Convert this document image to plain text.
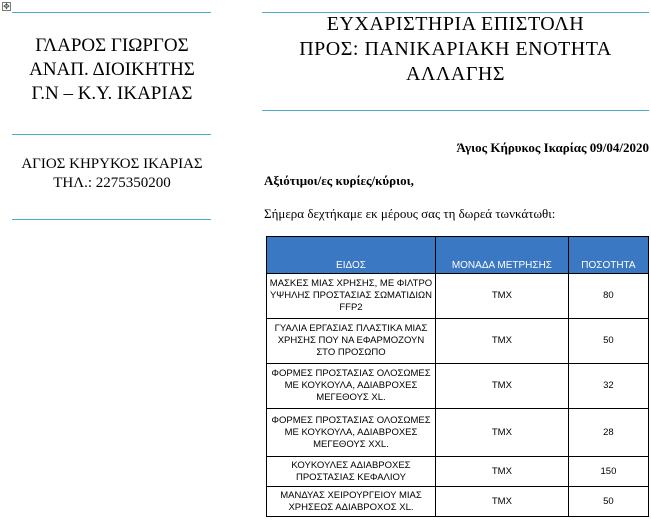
✥
ΓΛΑΡΟΣ ΓΙΩΡΓΟΣ
ΑΝΑΠ. ΔΙΟΙΚΗΤΗΣ
Γ.Ν – Κ.Υ. ΙΚΑΡΙΑΣ
ΑΓΙΟΣ ΚΗΡΥΚΟΣ ΙΚΑΡΙΑΣ
ΤΗΛ.: 2275350200
ΕΥΧΑΡΙΣΤΗΡΙΑ ΕΠΙΣΤΟΛΗ
ΠΡΟΣ: ΠΑΝΙΚΑΡΙΑΚΗ ΕΝΟΤΗΤΑ
ΑΛΛΑΓΗΣ
Άγιος Κήρυκος Ικαρίας 09/04/2020
Αξιότιμοι/ες κυρίες/κύριοι,
Σήμερα δεχτήκαμε εκ μέρους σας τη δωρεά τωνκάτωθι:
ΕΙΔΟΣ	ΜΟΝΑΔΑ ΜΕΤΡΗΣΗΣ	ΠΟΣΟΤΗΤΑ
ΜΑΣΚΕΣ ΜΙΑΣ ΧΡΗΣΗΣ, ΜΕ ΦΙΛΤΡΟ ΥΨΗΛΗΣ ΠΡΟΣΤΑΣΙΑΣ ΣΩΜΑΤΙΔΙΩΝ FFP2	ΤΜΧ	80
ΓΥΑΛΙΑ ΕΡΓΑΣΙΑΣ ΠΛΑΣΤΙΚΑ ΜΙΑΣ ΧΡΗΣΗΣ ΠΟΥ ΝΑ ΕΦΑΡΜΟΖΟΥΝ ΣΤΟ ΠΡΟΣΩΠΟ	ΤΜΧ	50
ΦΟΡΜΕΣ ΠΡΟΣΤΑΣΙΑΣ ΟΛΟΣΩΜΕΣ ΜΕ ΚΟΥΚΟΥΛΑ, ΑΔΙΑΒΡΟΧΕΣ ΜΕΓΕΘΟΥΣ XL.	ΤΜΧ	32
ΦΟΡΜΕΣ ΠΡΟΣΤΑΣΙΑΣ ΟΛΟΣΩΜΕΣ ΜΕ ΚΟΥΚΟΥΛΑ, ΑΔΙΑΒΡΟΧΕΣ ΜΕΓΕΘΟΥΣ XXL.	ΤΜΧ	28
ΚΟΥΚΟΥΛΕΣ ΑΔΙΑΒΡΟΧΕΣ ΠΡΟΣΤΑΣΙΑΣ ΚΕΦΑΛΙΟΥ	ΤΜΧ	150
ΜΑΝΔΥΑΣ ΧΕΙΡΟΥΡΓΕΙΟΥ ΜΙΑΣ ΧΡΗΣΕΩΣ ΑΔΙΑΒΡΟΧΟΣ XL.	ΤΜΧ	50
